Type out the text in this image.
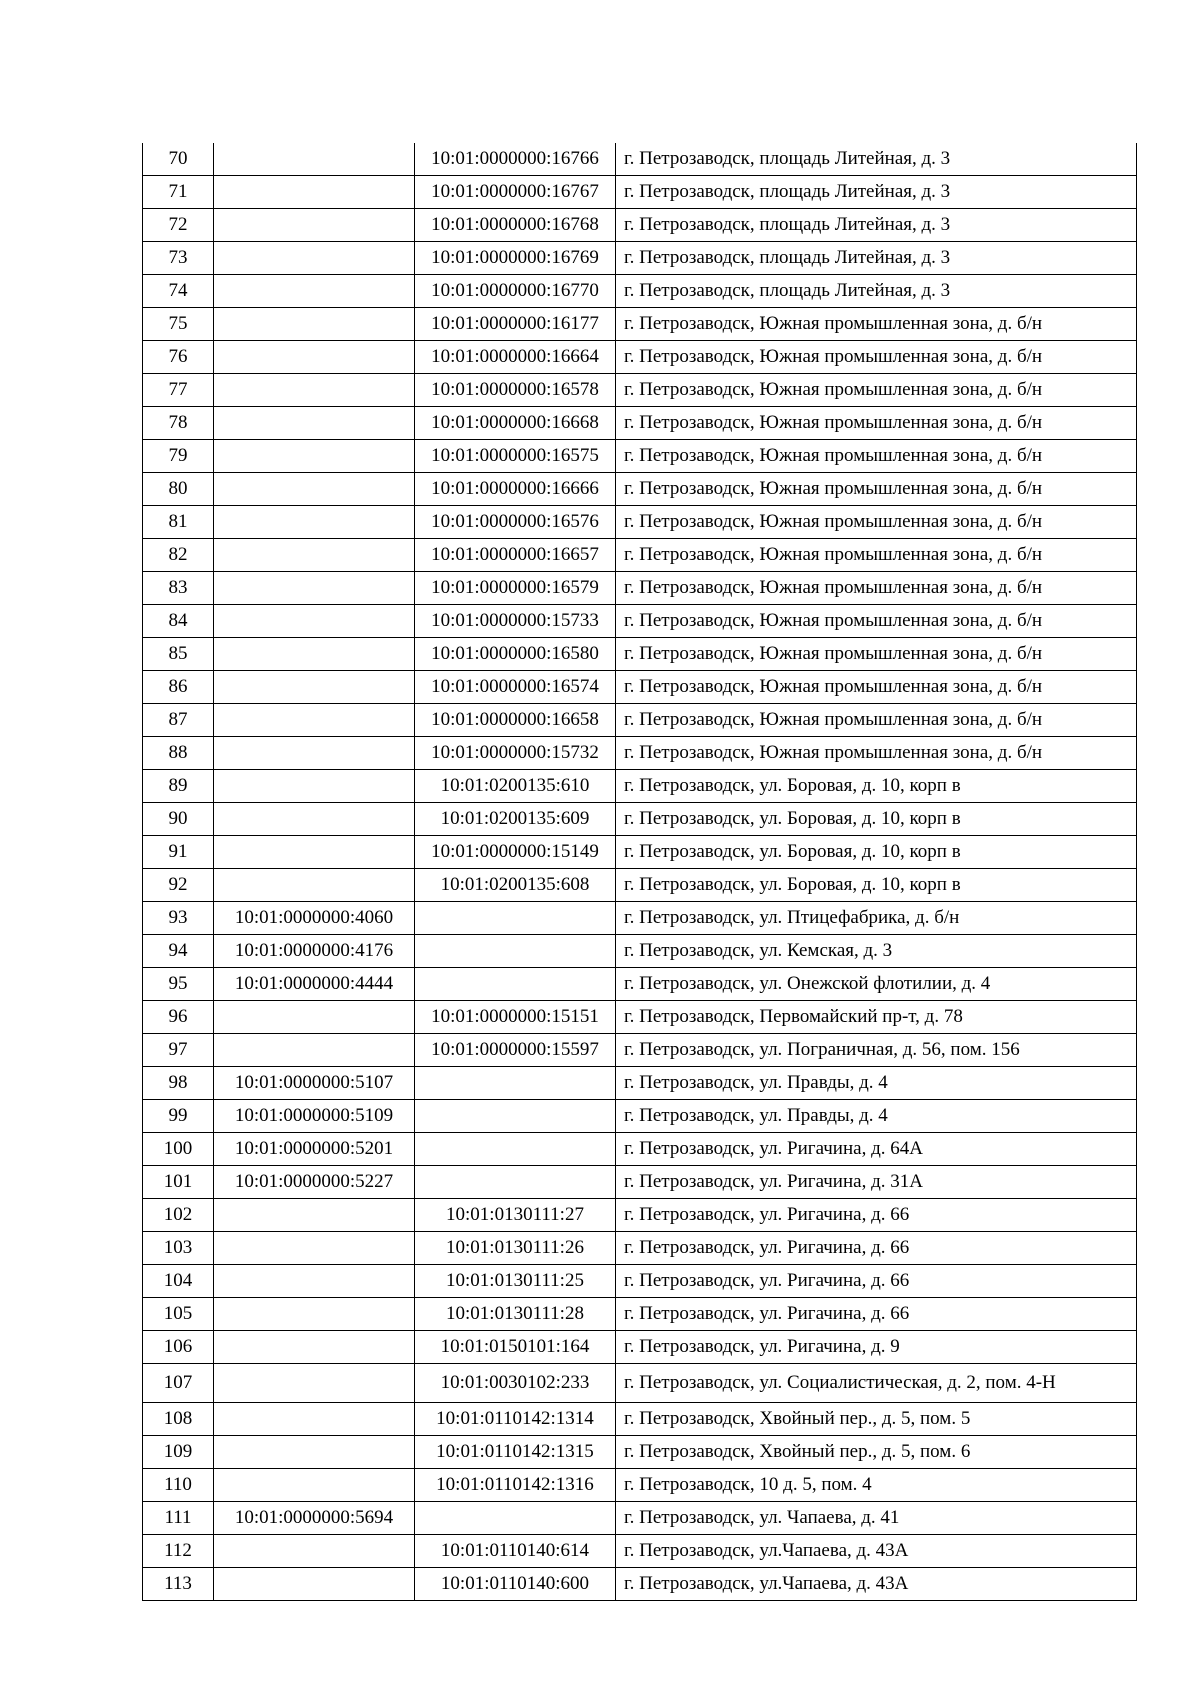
70		10:01:0000000:16766	г. Петрозаводск, площадь Литейная, д. 3
71		10:01:0000000:16767	г. Петрозаводск, площадь Литейная, д. 3
72		10:01:0000000:16768	г. Петрозаводск, площадь Литейная, д. 3
73		10:01:0000000:16769	г. Петрозаводск, площадь Литейная, д. 3
74		10:01:0000000:16770	г. Петрозаводск, площадь Литейная, д. 3
75		10:01:0000000:16177	г. Петрозаводск, Южная промышленная зона, д. б/н
76		10:01:0000000:16664	г. Петрозаводск, Южная промышленная зона, д. б/н
77		10:01:0000000:16578	г. Петрозаводск, Южная промышленная зона, д. б/н
78		10:01:0000000:16668	г. Петрозаводск, Южная промышленная зона, д. б/н
79		10:01:0000000:16575	г. Петрозаводск, Южная промышленная зона, д. б/н
80		10:01:0000000:16666	г. Петрозаводск, Южная промышленная зона, д. б/н
81		10:01:0000000:16576	г. Петрозаводск, Южная промышленная зона, д. б/н
82		10:01:0000000:16657	г. Петрозаводск, Южная промышленная зона, д. б/н
83		10:01:0000000:16579	г. Петрозаводск, Южная промышленная зона, д. б/н
84		10:01:0000000:15733	г. Петрозаводск, Южная промышленная зона, д. б/н
85		10:01:0000000:16580	г. Петрозаводск, Южная промышленная зона, д. б/н
86		10:01:0000000:16574	г. Петрозаводск, Южная промышленная зона, д. б/н
87		10:01:0000000:16658	г. Петрозаводск, Южная промышленная зона, д. б/н
88		10:01:0000000:15732	г. Петрозаводск, Южная промышленная зона, д. б/н
89		10:01:0200135:610	г. Петрозаводск, ул. Боровая, д. 10, корп в
90		10:01:0200135:609	г. Петрозаводск, ул. Боровая, д. 10, корп в
91		10:01:0000000:15149	г. Петрозаводск, ул. Боровая, д. 10, корп в
92		10:01:0200135:608	г. Петрозаводск, ул. Боровая, д. 10, корп в
93	10:01:0000000:4060		г. Петрозаводск, ул. Птицефабрика, д. б/н
94	10:01:0000000:4176		г. Петрозаводск, ул. Кемская, д. 3
95	10:01:0000000:4444		г. Петрозаводск, ул. Онежской флотилии, д. 4
96		10:01:0000000:15151	г. Петрозаводск, Первомайский пр-т, д. 78
97		10:01:0000000:15597	г. Петрозаводск, ул. Пограничная, д. 56, пом. 156
98	10:01:0000000:5107		г. Петрозаводск, ул. Правды, д. 4
99	10:01:0000000:5109		г. Петрозаводск, ул. Правды, д. 4
100	10:01:0000000:5201		г. Петрозаводск, ул. Ригачина, д. 64А
101	10:01:0000000:5227		г. Петрозаводск, ул. Ригачина, д. 31А
102		10:01:0130111:27	г. Петрозаводск, ул. Ригачина, д. 66
103		10:01:0130111:26	г. Петрозаводск, ул. Ригачина, д. 66
104		10:01:0130111:25	г. Петрозаводск, ул. Ригачина, д. 66
105		10:01:0130111:28	г. Петрозаводск, ул. Ригачина, д. 66
106		10:01:0150101:164	г. Петрозаводск, ул. Ригачина, д. 9
107		10:01:0030102:233	г. Петрозаводск, ул. Социалистическая, д. 2, пом. 4-Н
108		10:01:0110142:1314	г. Петрозаводск, Хвойный пер., д. 5, пом. 5
109		10:01:0110142:1315	г. Петрозаводск, Хвойный пер., д. 5, пом. 6
110		10:01:0110142:1316	г. Петрозаводск, 10 д. 5, пом. 4
111	10:01:0000000:5694		г. Петрозаводск, ул. Чапаева, д. 41
112		10:01:0110140:614	г. Петрозаводск, ул.Чапаева, д. 43А
113		10:01:0110140:600	г. Петрозаводск, ул.Чапаева, д. 43А
